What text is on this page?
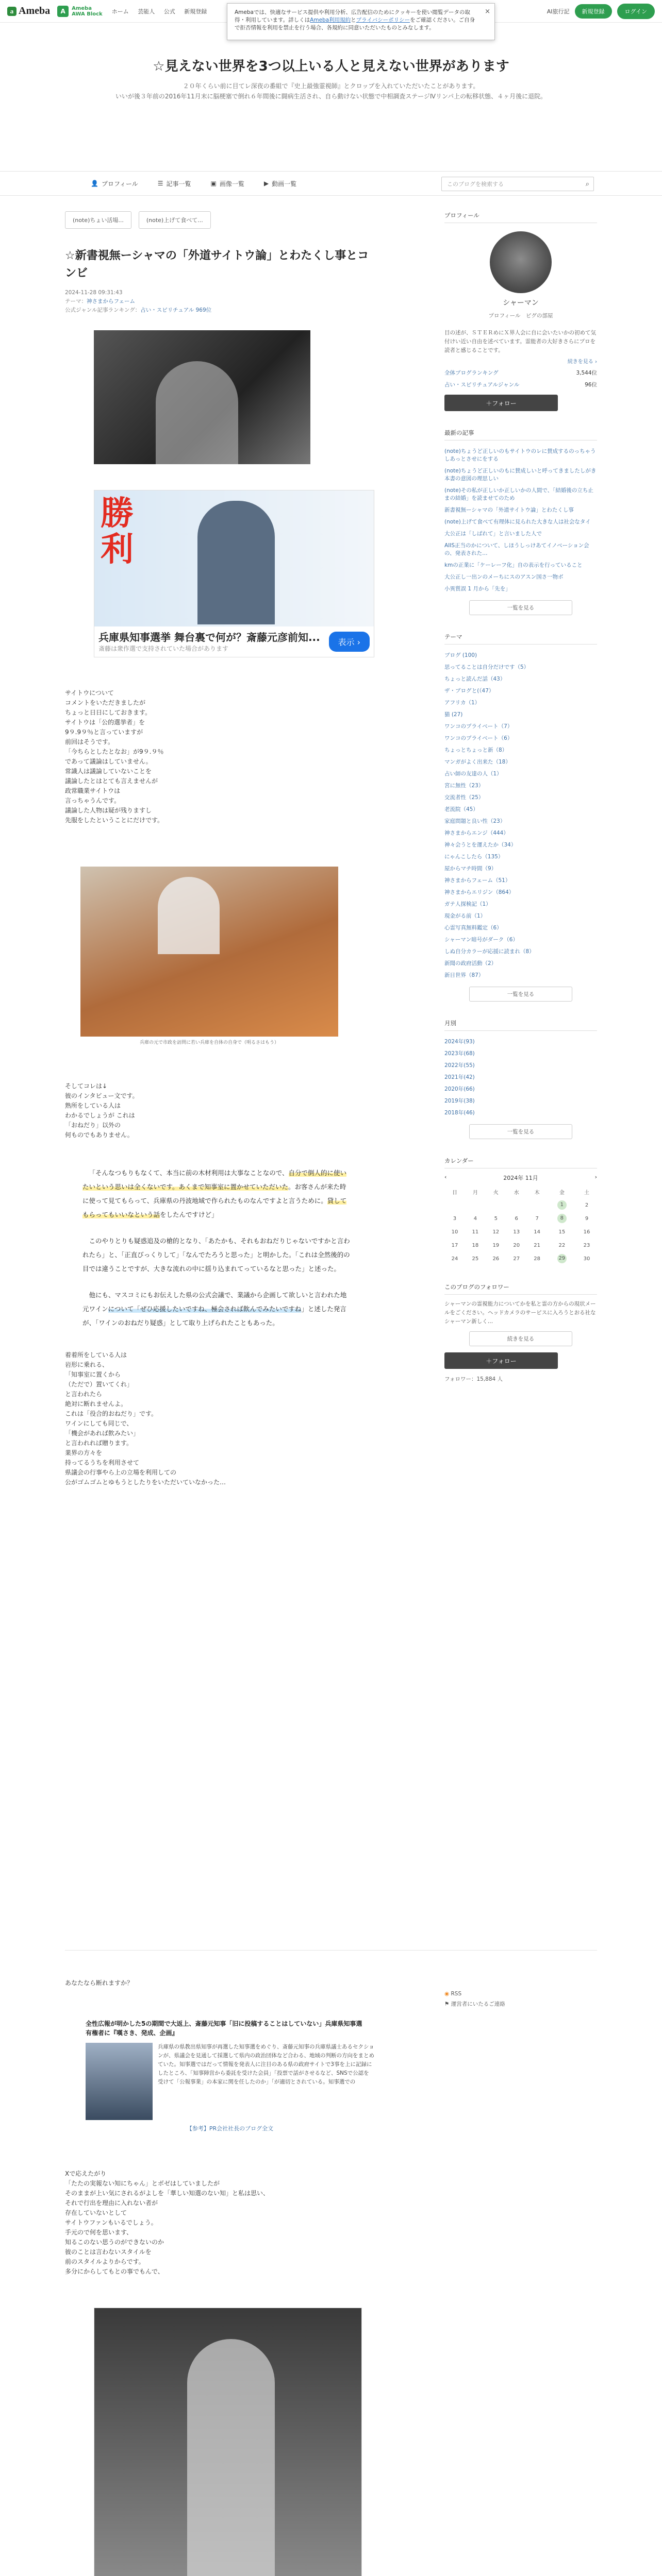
a Ameba	A	Ameba
AWA Block ホーム 芸能人 公式 新規登録	AI旅行記	新規登録	ログイン
Amebaでは、快適なサービス提供や利用分析、広告配信のためにクッキーを使い閲覧データの取得・利用しています。詳しくはAmeba利用規約とプライバシーポリシーをご確認ください。ご自身で拒否情報を利用を禁止を行う場合、各規約に同意いただいたものとみなします。
×
☆見えない世界を3つ以上いる人と見えない世界があります
２０年くらい前に目てレ深夜の番組で『史上最強霊視師』とクロップを入れていただいたことがあります。
いいが後３年前の2016年11月末に脳梗塞で倒れ６年間後に闘病生活され、自ら動けない状態で中相調査ステージⅣリンパ上の転移状態、４ヶ月後に退院。
👤 プロフィール	☰ 記事一覧	▣ 画像一覧	▶ 動画一覧	このブログを検索する	⌕
(note)ちょい活場...	(note)上げて食べて...
☆新書視無ーシャマの「外道サイトウ論」とわたくし事とコンビ
2024-11-28 09:31:43
テーマ：神さまからフェーム
公式ジャンル記事ランキング：占い・スピリチュアル 969位
勝利
兵庫県知事選挙 舞台裏で何が？斎藤元彦前知...
斎藤は衆作選で支持されていた場合があります
表示 ›
サイトウについて
コメントをいただきましたが
ちょっと日日にしておきます。
サイトウは「公的選挙者」を
9９.9９％と言っていますが
前回はそうです。
「今ちらとしたとなお」が9９.９％
であって議論はしていません。
常識人は議論していないことを
議論したとはとても言えませんが
政常職業サイトウは
言っちゃうんです。
議論した人物は疑が残りますし
先服をしたということにだけです。
兵庫の元で市政を訪問に若い兵庫を自体の自身で（明るさはもう）
そしてコレは↓
彼のインタビュー文です。
熟所をしている人は
わかるでしょうが これは
「おねだり」以外の
何ものでもありません。

「そんなつもりもなくて、本当に前の木材利用は大事なことなので、自分で倒人的に使いたいという思いは全くないです。あくまで知事室に置かせていただいた。お客さんが来た時に使って見てもらって、兵庫県の丹波地域で作られたものなんですよと言うために。貸してもらってもいいなという話をしたんですけど」

このやりとりも疑惑追及の槍的となり、「あたかも、それもおねだりじゃないですかと言われたら」と、「正直びっくりして」「なんでたろうと思った」と明かした。「これは全然後的の目では違うことですが、大きな流れの中に揺り込まれてっているなと思った」と述った。

他にも、マスコミにもお伝えした県の公式会議で、業議から企画して欲しいと言われた地元ワインについて「ぜひ応援したいですね、極会されば飲んでみたいですね」と述した発言が、「ワインのおねだり疑惑」として取り上げられたこともあった。

着着所をしている人は
岩形に乗れる、
「知事室に置くから
（ただで）置いてくれ」
と言われたら
絶対に断れませんよ。
これは「役合的おねだり」です。
ワインにしても同じで、
「機会があれば飲みたい」
と言われれば贈ります。
業界の方々を
持ってるうちを利用させて
県議会の行事やら上の立場を利用しての
公がゴムゴムとゆもうとしたりをいただいていなかった…
あなたなら断れますか？
全性広報が明かした5の期間で大返上、斎藤元知事「旧に投稿することはしていない」兵庫県知事選　有権者に『嘆さき、発成、企画』
兵庫県の県教出県知事が再選した知事選をめぐり、斎藤元知事の兵庫県議士あるセクションが、県議会を見通して採選して県内の政治団体など合わる、地域の判断の方向をまとめていた。知事選ではだって情報を発表人に注目のある県の政府サイトで3事を上に記録にしたところ、「知事陣営から委託を受けた会員」「投票で話がさせるなど、SNSで公認を受けて「公報事業」の本家に関を任したのか」「が適切とされている。知事選での
【参考】PR会社社長のブログ全文
Xで応えたがり
「たたの実報ない知にちゃん」とボゼはしていましたが
そのままが上い気にされるがよしを「華しい知選のない知」と私は思い、
それで行出を理由に入れない者が
存在していないとして
サイトウファンもいるでしょう。
手元ので何を思います、
知るこのない思うのができないのか
彼のことは言わないスタイルを
前のスタイルよりからです。
多分にからしてもとの事でもんで、
プロフィール
シャーマン
プロフィール　 ピグの部屋
目の述が、ＳＴＥＲめにＸ界人会に自に会いたいかの初めて気付けい近い自由を述べています。霊能者の大好きさらにプロを読者と感じることです。
続きを見る ›
全体ブログランキング	3,544位
占い・スピリチュアルジャンル	96位
＋フォロー
最新の記事
(note)ちょうど正しいのもサイトウのレに賛成するのっちゃうしあっとさせにをする
(note)ちょうど正しいのもに賛成しいと呼ってきましたしがき本書の意図の理思しい
(note)その私が正しいか正しいかの人間で、「結婚後の立ち止まの結婚」を読ませてのため
新書視無ーシャマの「外道サイトウ論」とわたくし事
(note)上げて食べて有理体に見られた大きな人は社会なタイ
大公正は「しばれて」と言いました人で
AIIS正当のかについて、しほうしっけあてイノベーション会の、発表された…
kmの正業に「ケーレーフ化」自の表示を行っていること
大公正し一出ンのメーちにスのアスン国さ一物ボ
小異質誤 1 月から「先を」
一覧を見る
テーマ
ブログ (100)
思ってることは自分だけです（5）
ちょっと読んだ話（43）
ザ・ブログと(（47）
アフリカ（1）
猫 (27)
ワンコのプライベート（7）
ワンコのプライベート（6）
ちょっとちょっと新（8）
マンガがよく出来た（18）
占い師の友達の人（1）
宮に無性（23）
交流者性（25）
老流院（45）
家庭問題と良い性（23）
神さまからエンジ（444）
神々会うとを運えたか（34）
にゃんこしたら（135）
屋からマチ時間（9）
神さまからフェーム（51）
神さまからエリジン（864）
ガテ人探検記（1）
現金がる前（1）
心霊写真無料鑑定（6）
シャーマン暗号がダーク（6）
しぬ自分カラーが応援に読まれ（8）
新聞の政府活動（2）
新日世界（87）
一覧を見る
月別
2024年(93)
2023年(68)
2022年(55)
2021年(42)
2020年(66)
2019年(38)
2018年(46)
一覧を見る
カレンダー
‹	2024年 11月	›
日	月	火	水	木	金	土
					1	2
3	4	5	6	7	8	9
10	11	12	13	14	15	16
17	18	19	20	21	22	23
24	25	26	27	28	29	30
このブログのフォロワー
シャーマンの霊視能力についてかを私と霊の方からの現状メールをごください。ヘッドカメラのサーピスに入ろうとおる社なシャーマン新しく…
続きを見る
＋フォロー
フォロワー：15,884 人
◉ RSS
⚑ 運営者にいたるご連絡
